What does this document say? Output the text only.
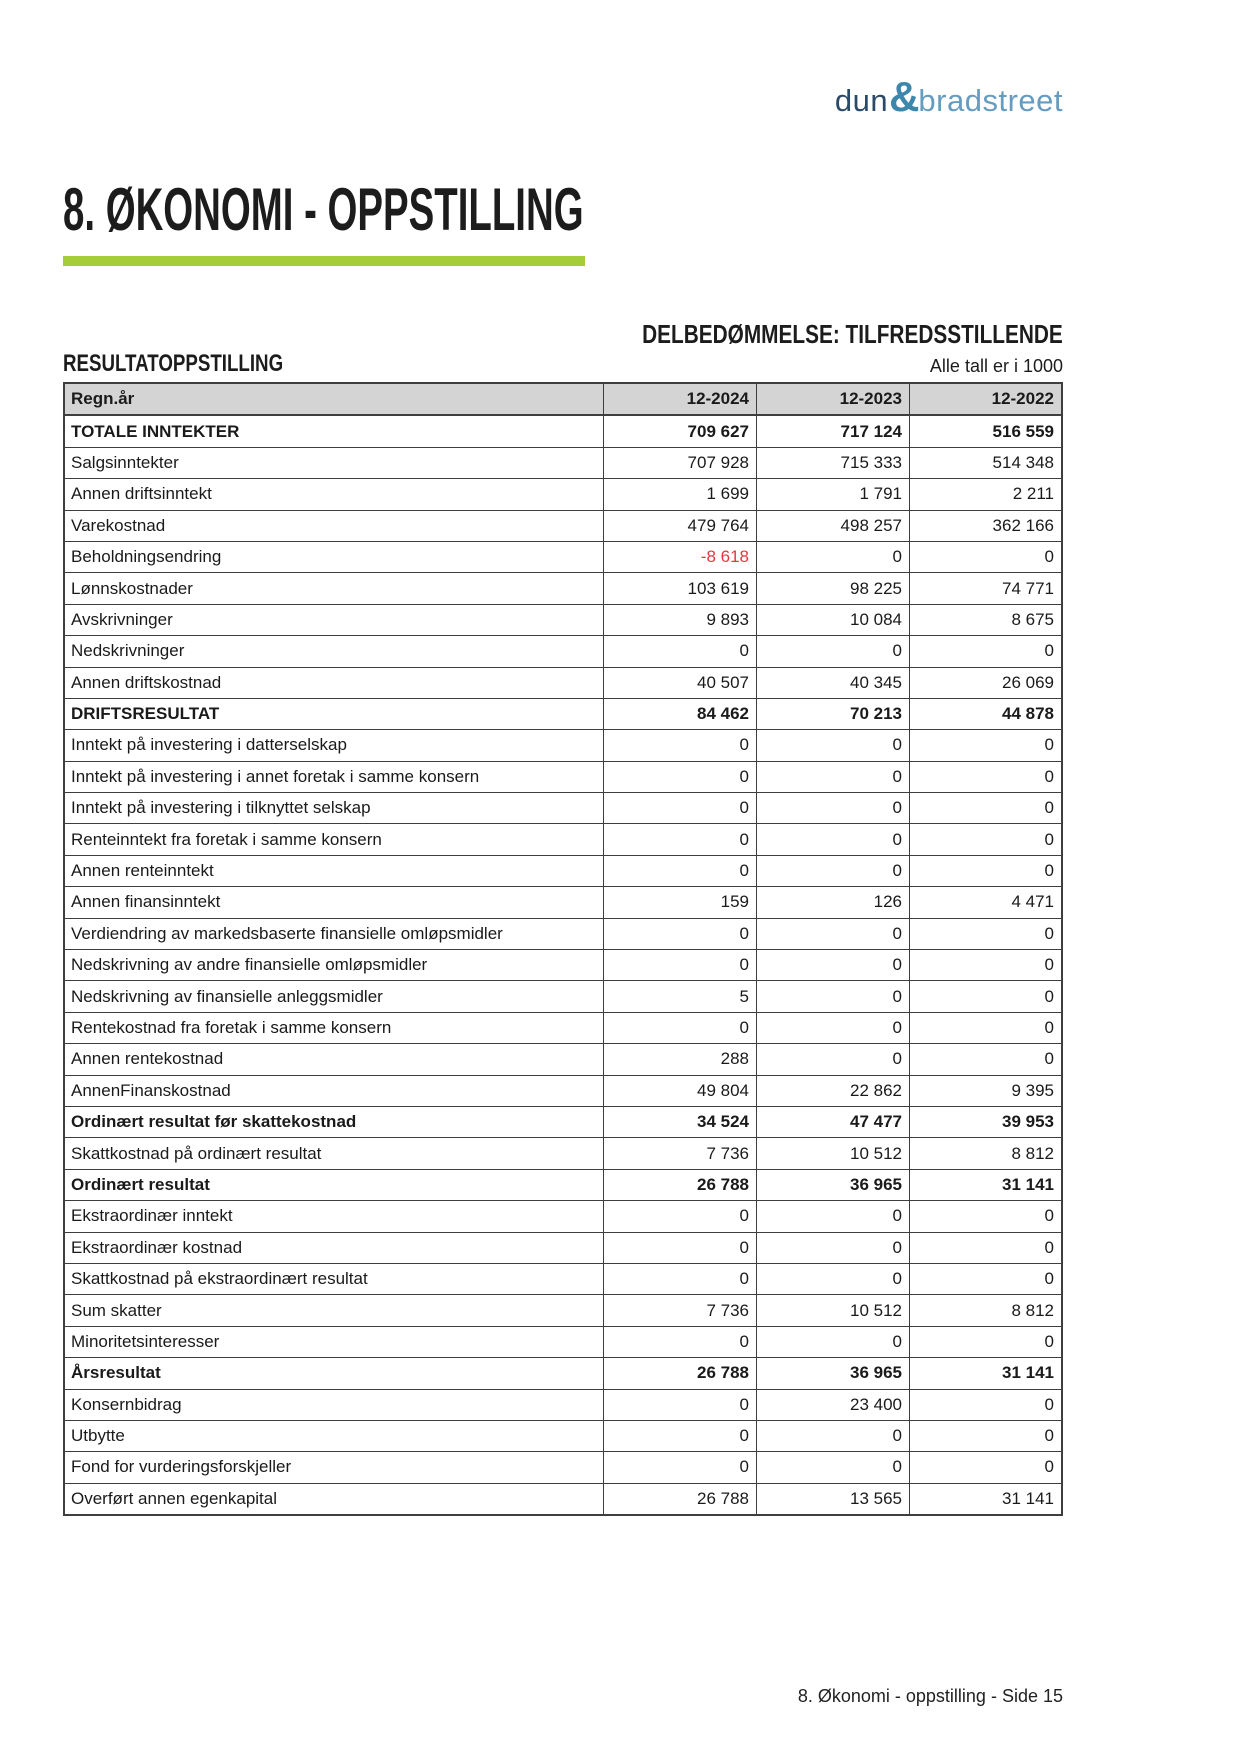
dun & bradstreet
8. ØKONOMI - OPPSTILLING
DELBEDØMMELSE: TILFREDSSTILLENDE
RESULTATOPPSTILLING	Alle tall er i 1000
Regn.år	12-2024	12-2023	12-2022
TOTALE INNTEKTER	709 627	717 124	516 559
Salgsinntekter	707 928	715 333	514 348
Annen driftsinntekt	1 699	1 791	2 211
Varekostnad	479 764	498 257	362 166
Beholdningsendring	-8 618	0	0
Lønnskostnader	103 619	98 225	74 771
Avskrivninger	9 893	10 084	8 675
Nedskrivninger	0	0	0
Annen driftskostnad	40 507	40 345	26 069
DRIFTSRESULTAT	84 462	70 213	44 878
Inntekt på investering i datterselskap	0	0	0
Inntekt på investering i annet foretak i samme konsern	0	0	0
Inntekt på investering i tilknyttet selskap	0	0	0
Renteinntekt fra foretak i samme konsern	0	0	0
Annen renteinntekt	0	0	0
Annen finansinntekt	159	126	4 471
Verdiendring av markedsbaserte finansielle omløpsmidler	0	0	0
Nedskrivning av andre finansielle omløpsmidler	0	0	0
Nedskrivning av finansielle anleggsmidler	5	0	0
Rentekostnad fra foretak i samme konsern	0	0	0
Annen rentekostnad	288	0	0
AnnenFinanskostnad	49 804	22 862	9 395
Ordinært resultat før skattekostnad	34 524	47 477	39 953
Skattkostnad på ordinært resultat	7 736	10 512	8 812
Ordinært resultat	26 788	36 965	31 141
Ekstraordinær inntekt	0	0	0
Ekstraordinær kostnad	0	0	0
Skattkostnad på ekstraordinært resultat	0	0	0
Sum skatter	7 736	10 512	8 812
Minoritetsinteresser	0	0	0
Årsresultat	26 788	36 965	31 141
Konsernbidrag	0	23 400	0
Utbytte	0	0	0
Fond for vurderingsforskjeller	0	0	0
Overført annen egenkapital	26 788	13 565	31 141
8. Økonomi - oppstilling - Side 15
